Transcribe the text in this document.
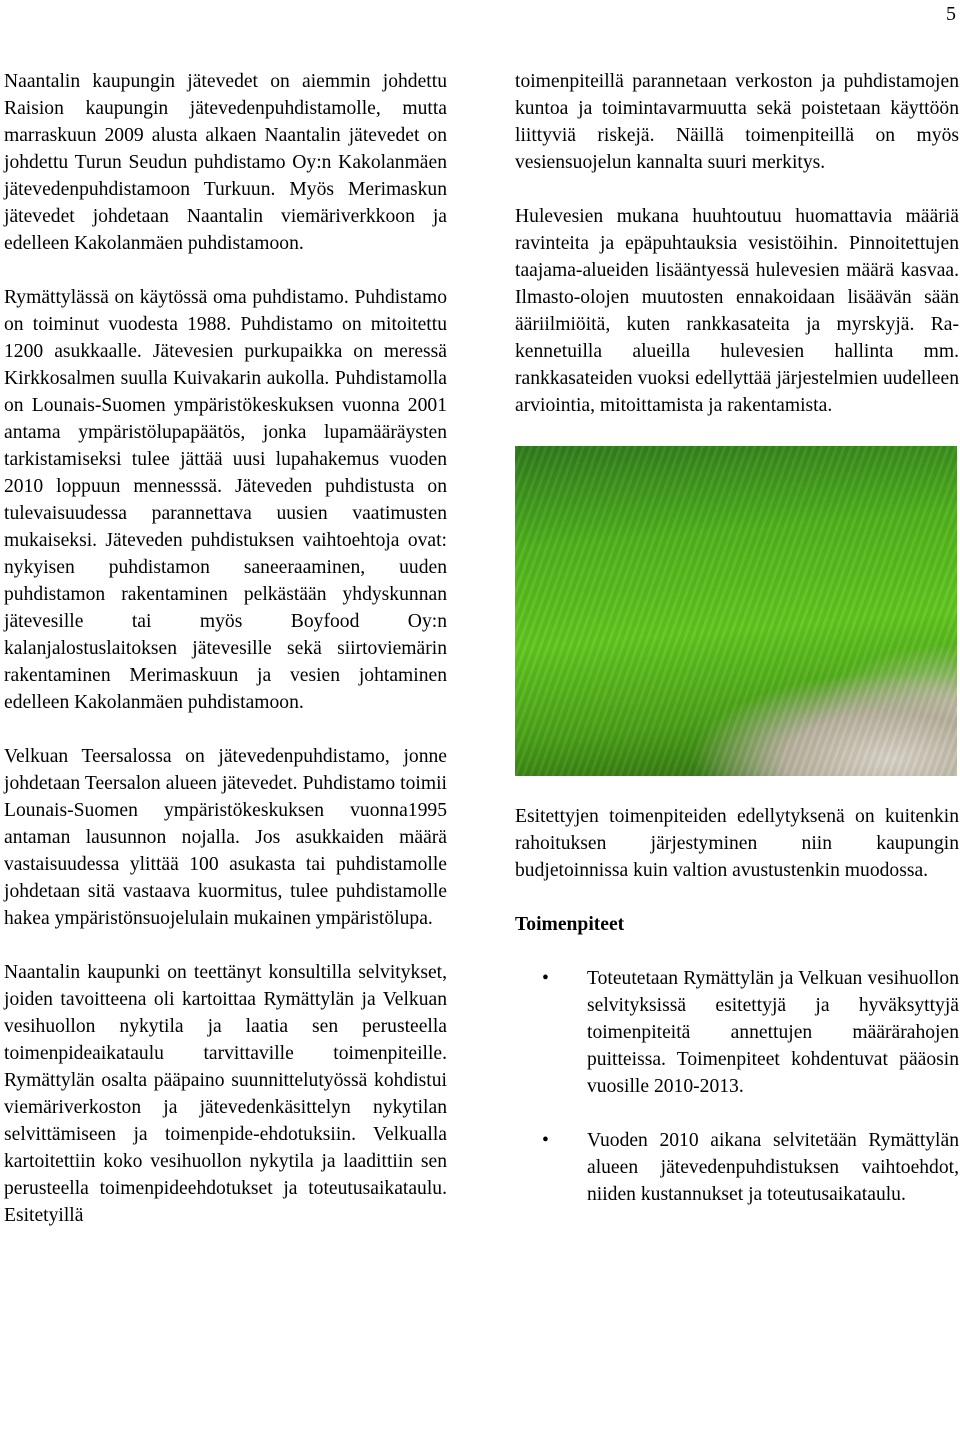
5

Naantalin kaupungin jätevedet on aiemmin johdettu Raision kaupungin jätevedenpuhdistamolle, mutta marraskuun 2009 alusta alkaen Naantalin jätevedet on johdettu Turun Seudun puhdistamo Oy:n Kakolanmäen jätevedenpuhdistamoon Turkuun. Myös Merimaskun jätevedet johdetaan Naantalin viemäriverkkoon ja edelleen Kakolanmäen puhdistamoon.

Rymättylässä on käytössä oma puhdistamo. Puhdistamo on toiminut vuodesta 1988. Puhdistamo on mitoitettu 1200 asukkaalle. Jätevesien purkupaikka on meressä Kirkkosalmen suulla Kuivakarin aukolla. Puhdistamolla on Lounais-Suomen ympäristökeskuksen vuonna 2001 antama ympäristölupapäätös, jonka lupamääräysten tarkistamiseksi tulee jättää uusi lupahakemus vuoden 2010 loppuun mennesssä. Jäteveden puhdistusta on tulevaisuudessa parannettava uusien vaatimusten mukaiseksi. Jäteveden puhdistuksen vaihtoehtoja ovat: nykyisen puhdistamon saneeraaminen, uuden puhdistamon rakentaminen pelkästään yhdyskunnan jätevesille tai myös Boyfood Oy:n kalanjalostuslaitoksen jätevesille sekä siirtoviemärin rakentaminen Merimaskuun ja vesien johtaminen edelleen Kakolanmäen puhdistamoon.

Velkuan Teersalossa on jätevedenpuhdistamo, jonne johdetaan Teersalon alueen jätevedet. Puhdistamo toimii Lounais-Suomen ympäristökeskuksen vuonna1995 antaman lausunnon nojalla. Jos asukkaiden määrä vastaisuudessa ylittää 100 asukasta tai puhdistamolle johdetaan sitä vastaava kuormitus, tulee puhdistamolle hakea ympäristönsuojelulain mukainen ympäristölupa.

Naantalin kaupunki on teettänyt konsultilla selvitykset, joiden tavoitteena oli kartoittaa Rymättylän ja Velkuan vesihuollon nykytila ja laatia sen perusteella toimenpideaikataulu tarvittaville toimenpiteille. Rymättylän osalta pääpaino suunnittelutyössä kohdistui viemäriverkoston ja jätevedenkäsittelyn nykytilan selvittämiseen ja toimenpide-ehdotuksiin. Velkualla kartoitettiin koko vesihuollon nykytila ja laadittiin sen perusteella toimenpideehdotukset ja toteutusaikataulu. Esitetyillä

toimenpiteillä parannetaan verkoston ja puhdistamojen kuntoa ja toimintavarmuutta sekä poistetaan käyttöön liittyviä riskejä. Näillä toimenpiteillä on myös vesiensuojelun kannalta suuri merkitys.

Hulevesien mukana huuhtoutuu huomattavia määriä ravinteita ja epäpuhtauksia vesistöihin. Pinnoitettujen taajama-alueiden lisääntyessä hulevesien määrä kasvaa. Ilmasto-olojen muutosten ennakoidaan lisäävän sään ääriilmiöitä, kuten rankkasateita ja myrskyjä. Rakennetuilla alueilla hulevesien hallinta mm. rankkasateiden vuoksi edellyttää järjestelmien uudelleen arviointia, mitoittamista ja rakentamista.

Esitettyjen toimenpiteiden edellytyksenä on kuitenkin rahoituksen järjestyminen niin kaupungin budjetoinnissa kuin valtion avustustenkin muodossa.

Toimenpiteet
• Toteutetaan Rymättylän ja Velkuan vesihuollon selvityksissä esitettyjä ja hyväksyttyjä toimenpiteitä annettujen määrärahojen puitteissa. Toimenpiteet kohdentuvat pääosin vuosille 2010-2013.
• Vuoden 2010 aikana selvitetään Rymättylän alueen jätevedenpuhdistuksen vaihtoehdot, niiden kustannukset ja toteutusaikataulu.
